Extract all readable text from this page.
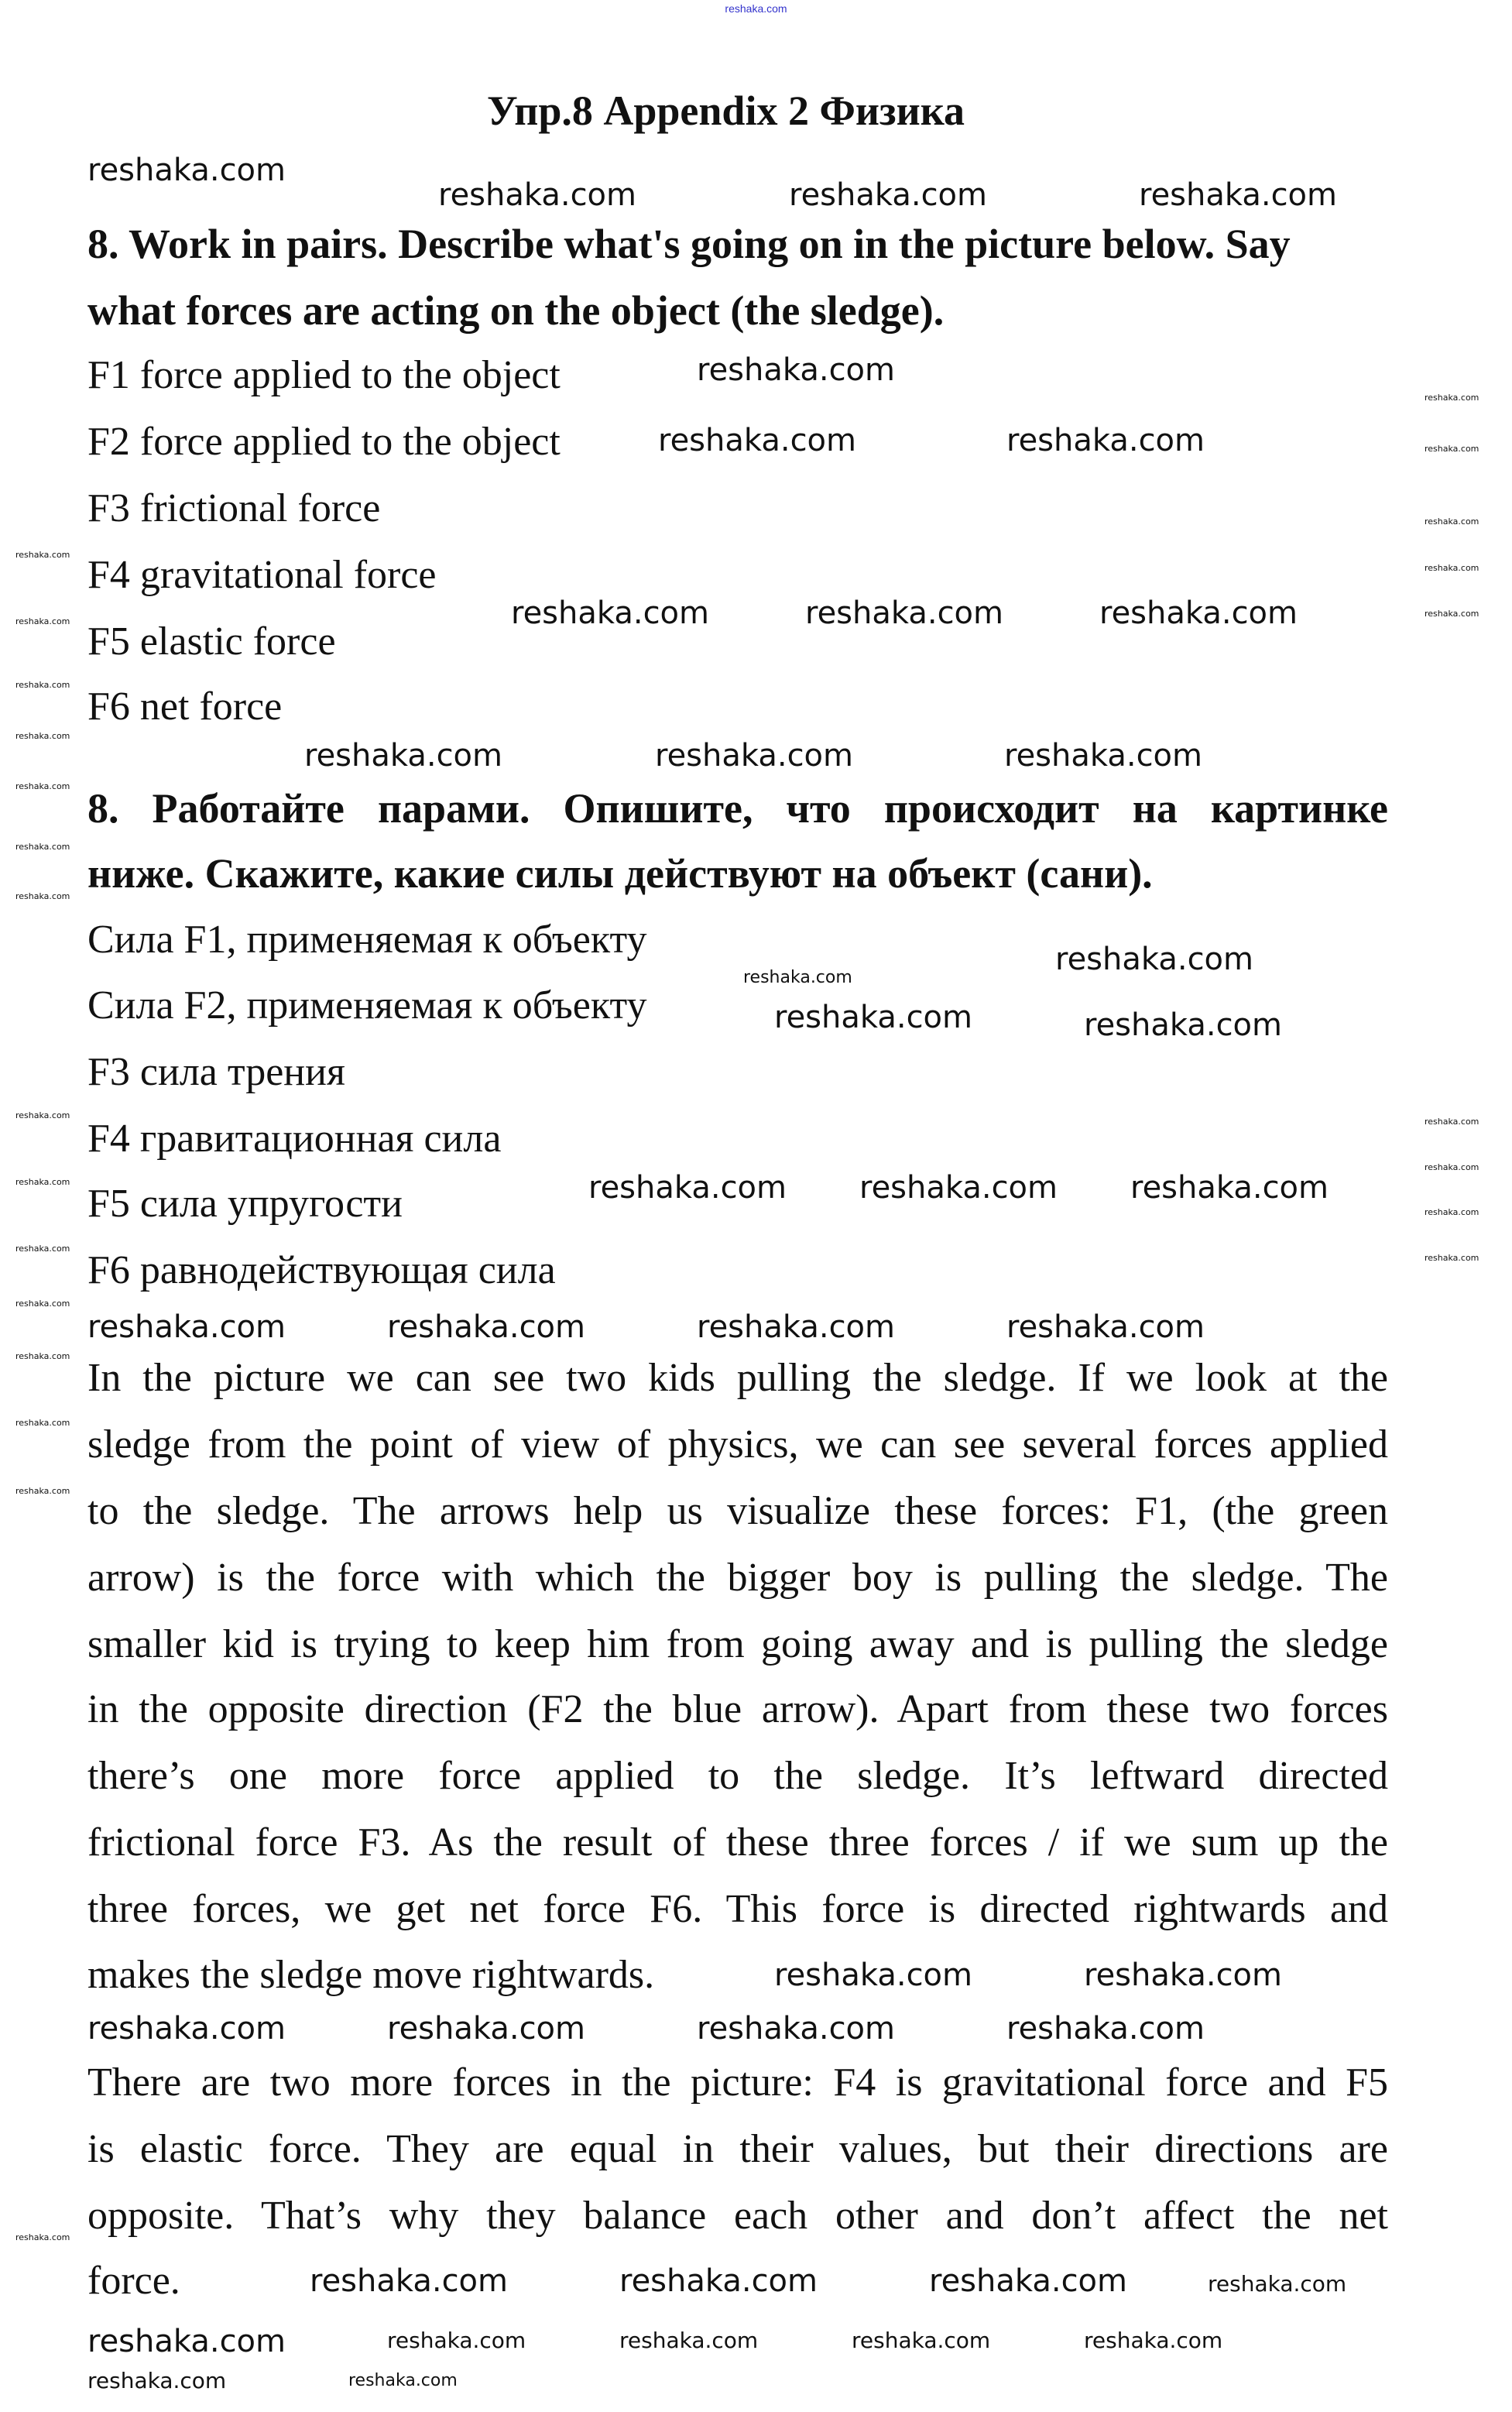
reshaka.com
Упр.8 Appendix 2 Физика
8. Work in pairs. Describe what's going on in the picture below. Say
what forces are acting on the object (the sledge).
F1 force applied to the object
F2 force applied to the object
F3 frictional force
F4 gravitational force
F5 elastic force
F6 net force
8. Работайте парами. Опишите, что происходит на картинке
ниже. Скажите, какие силы действуют на объект (сани).
Сила F1, применяемая к объекту
Сила F2, применяемая к объекту
F3 сила трения
F4 гравитационная сила
F5 сила упругости
F6 равнодействующая сила
In the picture we can see two kids pulling the sledge. If we look at the
sledge from the point of view of physics, we can see several forces applied
to the sledge. The arrows help us visualize these forces: F1, (the green
arrow) is the force with which the bigger boy is pulling the sledge. The
smaller kid is trying to keep him from going away and is pulling the sledge
in the opposite direction (F2 the blue arrow). Apart from these two forces
there’s one more force applied to the sledge. It’s leftward directed
frictional force F3. As the result of these three forces / if we sum up the
three forces, we get net force F6. This force is directed rightwards and
makes the sledge move rightwards.
There are two more forces in the picture: F4 is gravitational force and F5
is elastic force. They are equal in their values, but their directions are
opposite. That’s why they balance each other and don’t affect the net
force.
reshaka.com
reshaka.com	reshaka.com	reshaka.com
reshaka.com
reshaka.com	reshaka.com
reshaka.com	reshaka.com	reshaka.com
reshaka.com	reshaka.com	reshaka.com
reshaka.com
reshaka.com	reshaka.com
reshaka.com reshaka.com reshaka.com
reshaka.com	reshaka.com	reshaka.com	reshaka.com
reshaka.com	reshaka.com
reshaka.com	reshaka.com	reshaka.com	reshaka.com
reshaka.com	reshaka.com	reshaka.com
reshaka.com	reshaka.com	reshaka.com	reshaka.com	reshaka.com
reshaka.com
reshaka.com
reshaka.com
reshaka.com
reshaka.com
reshaka.com
reshaka.com
reshaka.com
reshaka.com
reshaka.com
reshaka.com
reshaka.com
reshaka.com
reshaka.com
reshaka.com
reshaka.com
reshaka.com
reshaka.com
reshaka.com
reshaka.com
reshaka.com
reshaka.com
reshaka.com
reshaka.com
reshaka.com
reshaka.com
reshaka.com
reshaka.com
